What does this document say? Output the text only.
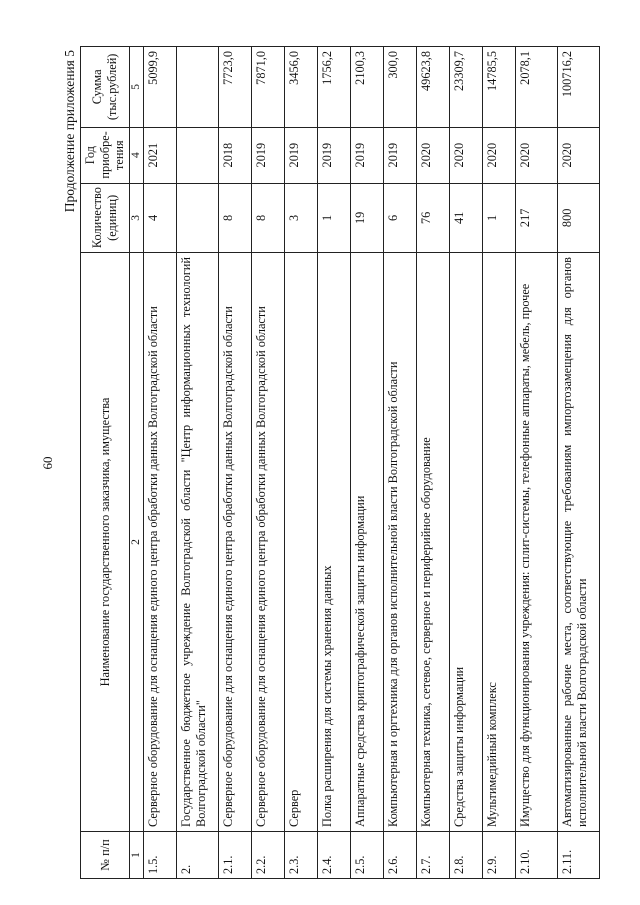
60
Продолжение приложения 5
№ п/п	Наименование государственного заказчика, имущества	Количество (единиц)	Год приобре-тения	Сумма (тыс.рублей)
1	2	3	4	5
1.5.	Серверное оборудование для оснащения единого центра обработки данных Волгоградской области	4	2021	5099,9
2.	Государственное бюджетное учреждение Волгоградской области "Центр информационных технологий Волгоградской области"			
2.1.	Серверное оборудование для оснащения единого центра обработки данных Волгоградской области	8	2018	7723,0
2.2.	Серверное оборудование для оснащения единого центра обработки данных Волгоградской области	8	2019	7871,0
2.3.	Сервер	3	2019	3456,0
2.4.	Полка расширения для системы хранения данных	1	2019	1756,2
2.5.	Аппаратные средства криптографической защиты информации	19	2019	2100,3
2.6.	Компьютерная и оргтехника для органов исполнительной власти Волгоградской области	6	2019	300,0
2.7.	Компьютерная техника, сетевое, серверное и периферийное оборудование	76	2020	49623,8
2.8.	Средства защиты информации	41	2020	23309,7
2.9.	Мультимедийный комплекс	1	2020	14785,5
2.10.	Имущество для функционирования учреждения: сплит-системы, телефонные аппараты, мебель, прочее	217	2020	2078,1
2.11.	Автоматизированные рабочие места, соответствующие требованиям импортозамещения для органов исполнительной власти Волгоградской области	800	2020	100716,2
